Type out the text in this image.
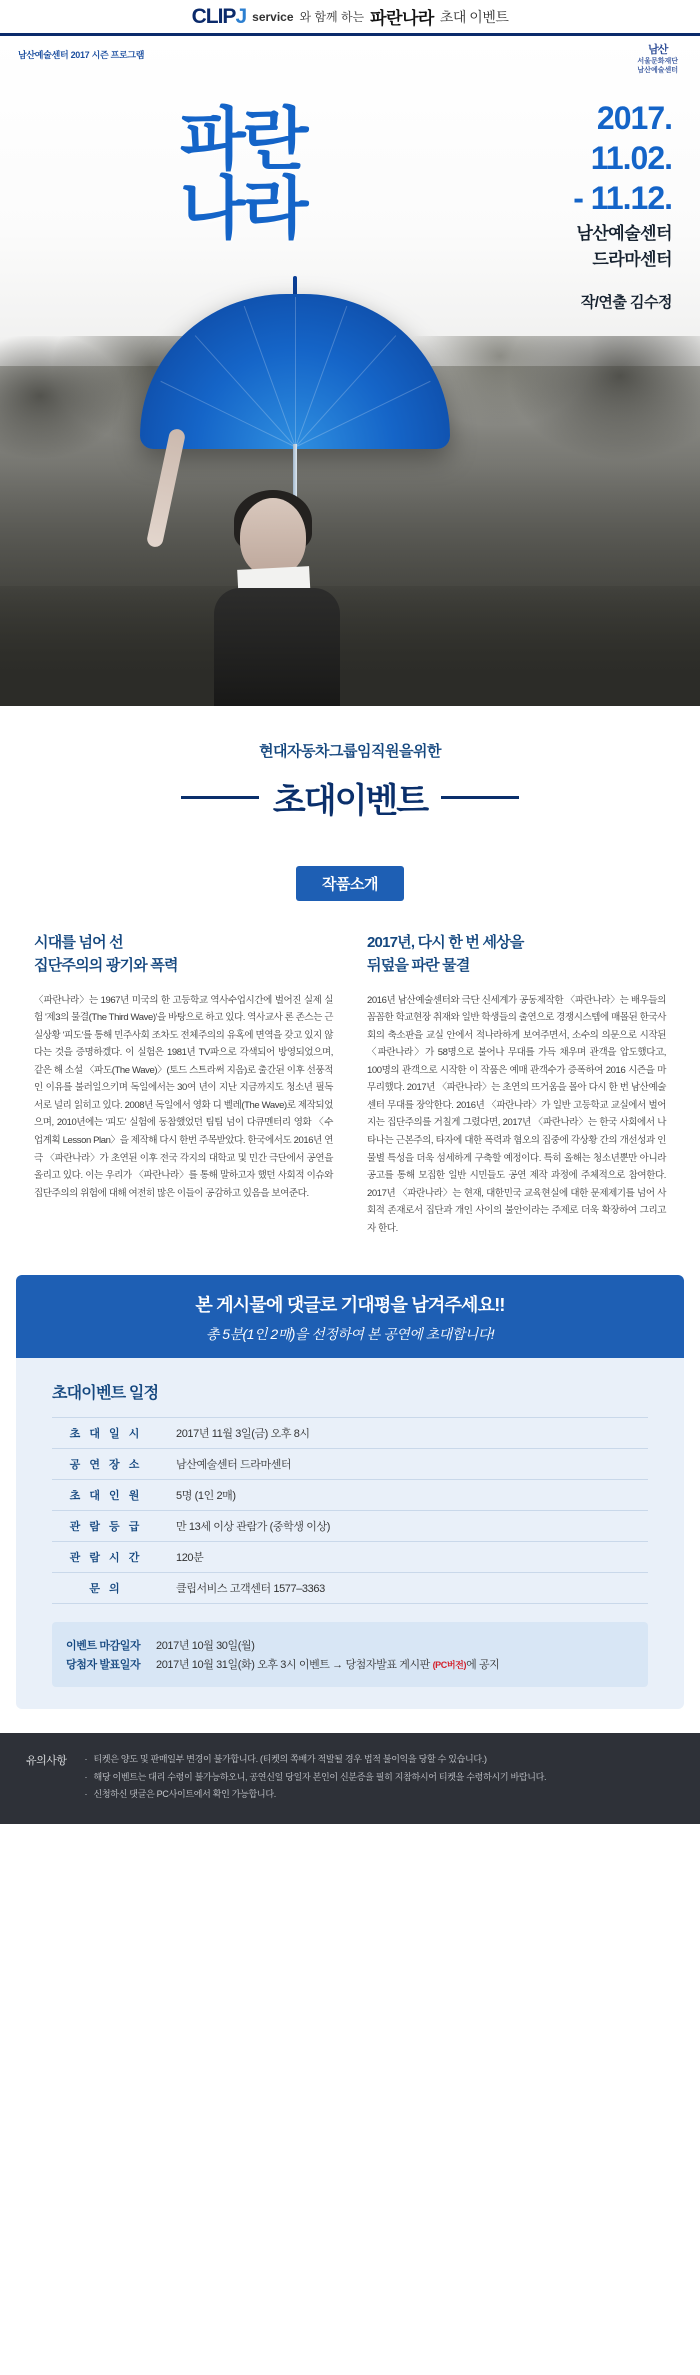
CLIPJ service 와 함께 하는 파란나라 초대 이벤트
남산예술센터 2017 시즌 프로그램	남산
서울문화재단
남산예술센터
파란
나라
2017.
11.02.
- 11.12.
남산예술센터
드라마센터
작/연출 김수정
현대자동차그룹임직원을위한
초대이벤트
작품소개
시대를 넘어 선
집단주의의 광기와 폭력

〈파란나라〉는 1967년 미국의 한 고등학교 역사수업시간에 벌어진 실제 실험 '제3의 물결(The Third Wave)'을 바탕으로 하고 있다. 역사교사 론 존스는 근실상황 '피도'를 통해 민주사회 조차도 전체주의의 유혹에 면역을 갖고 있지 않다는 것을 증명하겠다. 이 실험은 1981년 TV파으로 각색되어 방영되었으며, 같은 해 소설 〈파도(The Wave)〉(토드 스트라써 지음)로 출간된 이후 선풍적인 이유를 불러일으키며 독일에서는 30여 년이 지난 지금까지도 청소년 필독서로 널리 읽히고 있다. 2008년 독일에서 영화 디 벨레(The Wave)로 제작되었으며, 2010년에는 '피도' 실험에 동참했었던 팀팀 넘이 다큐멘터리 영화 〈수업계획 Lesson Plan〉을 제작해 다시 한번 주목받았다. 한국에서도 2016년 연극 〈파란나라〉가 초연된 이후 전국 각지의 대학교 및 민간 극단에서 공연을 올리고 있다. 이는 우리가 〈파란나라〉를 통해 말하고자 했던 사회적 이슈와 집단주의의 위험에 대해 여전히 많은 이들이 공감하고 있음을 보여준다.

2017년, 다시 한 번 세상을
뒤덮을 파란 물결

2016년 남산예술센터와 극단 신세계가 공동제작한 〈파란나라〉는 배우들의 꼼꼼한 학교현장 취재와 일반 학생들의 출연으로 경쟁시스템에 매몰된 한국사회의 축소판을 교실 안에서 적나라하게 보여주면서, 소수의 의문으로 시작된 〈파란나라〉가 58명으로 불어나 무대를 가득 채우며 관객을 압도했다고, 100명의 관객으로 시작한 이 작품은 예매 관객수가 증폭하여 2016 시즌을 마무리했다. 2017년 〈파란나라〉는 초연의 뜨거움을 몰아 다시 한 번 남산예술센터 무대를 장악한다. 2016년 〈파란나라〉가 일반 고등학교 교실에서 벌어지는 집단주의를 거칠게 그렸다면, 2017년 〈파란나라〉는 한국 사회에서 나타나는 근본주의, 타자에 대한 폭력과 혐오의 집중에 각상황 간의 개선성과 인물별 특성을 더욱 섬세하게 구축할 예정이다. 특히 올해는 청소년뿐만 아니라 공고를 통해 모집한 일반 시민들도 공연 제작 과정에 주체적으로 참여한다. 2017년 〈파란나라〉는 현재, 대한민국 교육현실에 대한 문제제기를 넘어 사회적 존재로서 집단과 개인 사이의 불안이라는 주제로 더욱 확장하여 그리고자 한다.

본 게시물에 댓글로 기대평을 남겨주세요!!
총 5분(1인 2매)을 선정하여 본 공연에 초대합니다!
초대이벤트 일정
초 대 일 시	2017년 11월 3일(금) 오후 8시
공 연 장 소	남산예술센터 드라마센터
초 대 인 원	5명 (1인 2매)
관 람 등 급	만 13세 이상 관람가 (중학생 이상)
관 람 시 간	120분
문 의	클립서비스 고객센터 1577–3363
이벤트 마감일자	2017년 10월 30일(월)
당첨자 발표일자	2017년 10월 31일(화) 오후 3시 이벤트 → 당첨자발표 게시판 (PC버전)에 공지
유의사항	· 티켓은 양도 및 판매일부 변경이 불가합니다. (티켓의 쪽배가 적발될 경우 법적 불이익을 당할 수 있습니다.)
· 해당 이벤트는 대리 수령이 불가능하오니, 공연신일 당일자 본인이 신분증을 필히 지참하시어 티켓을 수령하시기 바랍니다.
· 신청하신 댓글은 PC사이트에서 확인 가능합니다.
